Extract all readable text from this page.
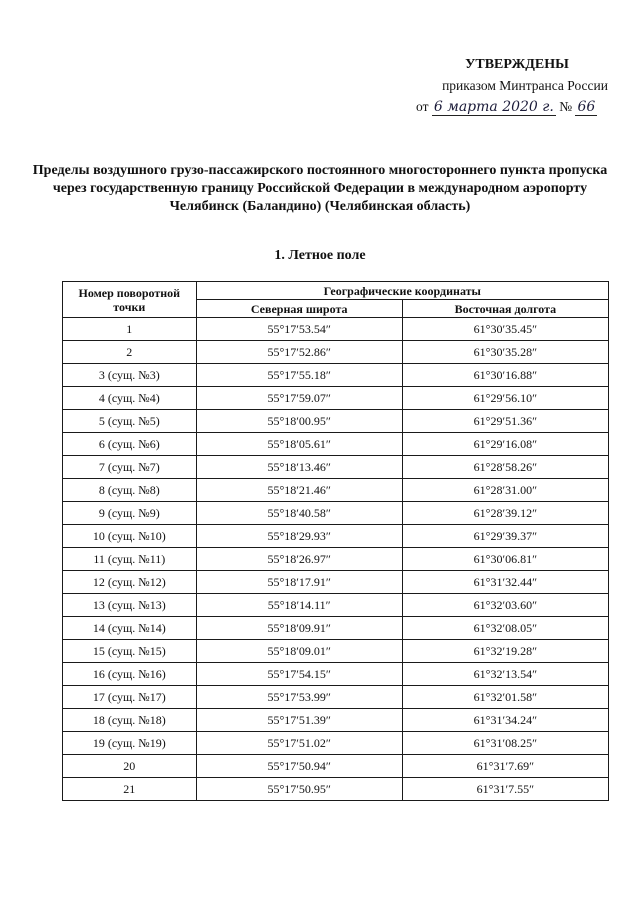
УТВЕРЖДЕНЫ
приказом Минтранса России
от 6 марта 2020 г. № 66
Пределы воздушного грузо-пассажирского постоянного многостороннего пункта пропуска через государственную границу Российской Федерации в международном аэропорту Челябинск (Баландино) (Челябинская область)
1. Летное поле
Номер поворотной точки	Географические координаты	
	Северная широта	Восточная долгота
1	55°17′53.54″	61°30′35.45″
2	55°17′52.86″	61°30′35.28″
3 (сущ. №3)	55°17′55.18″	61°30′16.88″
4 (сущ. №4)	55°17′59.07″	61°29′56.10″
5 (сущ. №5)	55°18′00.95″	61°29′51.36″
6 (сущ. №6)	55°18′05.61″	61°29′16.08″
7 (сущ. №7)	55°18′13.46″	61°28′58.26″
8 (сущ. №8)	55°18′21.46″	61°28′31.00″
9 (сущ. №9)	55°18′40.58″	61°28′39.12″
10 (сущ. №10)	55°18′29.93″	61°29′39.37″
11 (сущ. №11)	55°18′26.97″	61°30′06.81″
12 (сущ. №12)	55°18′17.91″	61°31′32.44″
13 (сущ. №13)	55°18′14.11″	61°32′03.60″
14 (сущ. №14)	55°18′09.91″	61°32′08.05″
15 (сущ. №15)	55°18′09.01″	61°32′19.28″
16 (сущ. №16)	55°17′54.15″	61°32′13.54″
17 (сущ. №17)	55°17′53.99″	61°32′01.58″
18 (сущ. №18)	55°17′51.39″	61°31′34.24″
19 (сущ. №19)	55°17′51.02″	61°31′08.25″
20	55°17′50.94″	61°31′7.69″
21	55°17′50.95″	61°31′7.55″
